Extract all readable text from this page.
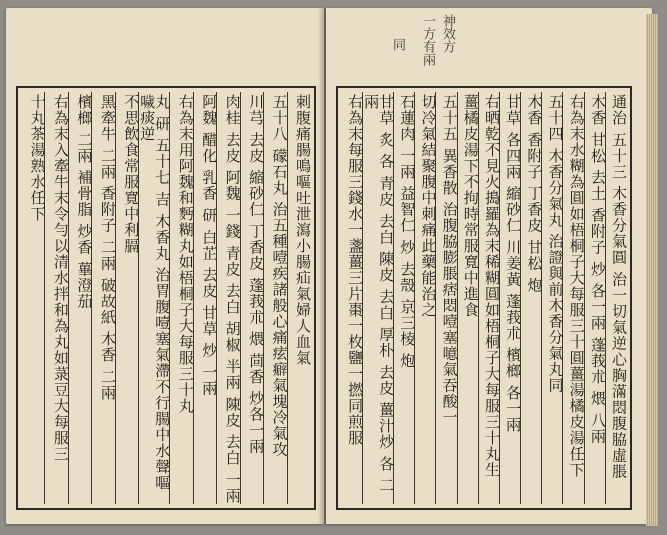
刺腹痛腸鳴嘔吐泄瀉小腸疝氣婦人血氣
五十八 礞石丸 治五種噎疾諸般心痛痃癖氣塊冷氣攻
川芎 去皮 縮砂仁 丁香皮 蓬莪朮 煨 茴香 炒各一兩
肉桂 去皮 阿魏 一錢 青皮 去白 胡椒 半兩 陳皮 去白 一兩
阿魏 醋化 乳香 研 白芷 去皮 甘草 炒 一兩
右為末用阿魏和麪糊丸如梧桐子大每服三十丸
丸 研 五十七 吉 木香丸 治胃腹噎塞氣滯不行腸中水聲嘔噦痰逆
不思飲食常服寬中利膈
黑牽牛 二兩 香附子 二兩 破故紙 木香 二兩
檳榔 二兩 補骨脂 炒香 蓽澄茄
右為末入牽牛末令勻以清水拌和為丸如菉豆大每服三
十丸茶湯熟水任下
神效方
一方有兩
同
通治 五十三 木香分氣圓 治一切氣逆心胸滿悶腹脇虛脹
木香 甘松 去土 香附子 炒 各一兩 蓬莪朮 煨 八兩
右為末水糊為圓如梧桐子大每服三十圓薑湯橘皮湯任下
五十四 木香分氣丸 治證與前木香分氣丸同
木香 香附子 丁香皮 甘松 炮
甘草 各四兩 縮砂仁 川姜黃 蓬莪朮 檳榔 各一兩
右晒乾不見火搗羅為末稀糊圓如梧桐子大每服三十丸生
薑橘皮湯下不拘時常服寬中進食
五十五 異香散 治腹脇膨脹痞悶噎塞噫氣吞酸一
切冷氣結聚腹中刺痛此藥能治之
石蓮肉 一兩 益智仁 炒 去殼 京三棱 炮
甘草 炙 各 青皮 去白 陳皮 去白 厚朴 去皮 薑汁炒 各 二兩
右為末每服三錢水一盞薑三片棗一枚鹽一撚同煎服
